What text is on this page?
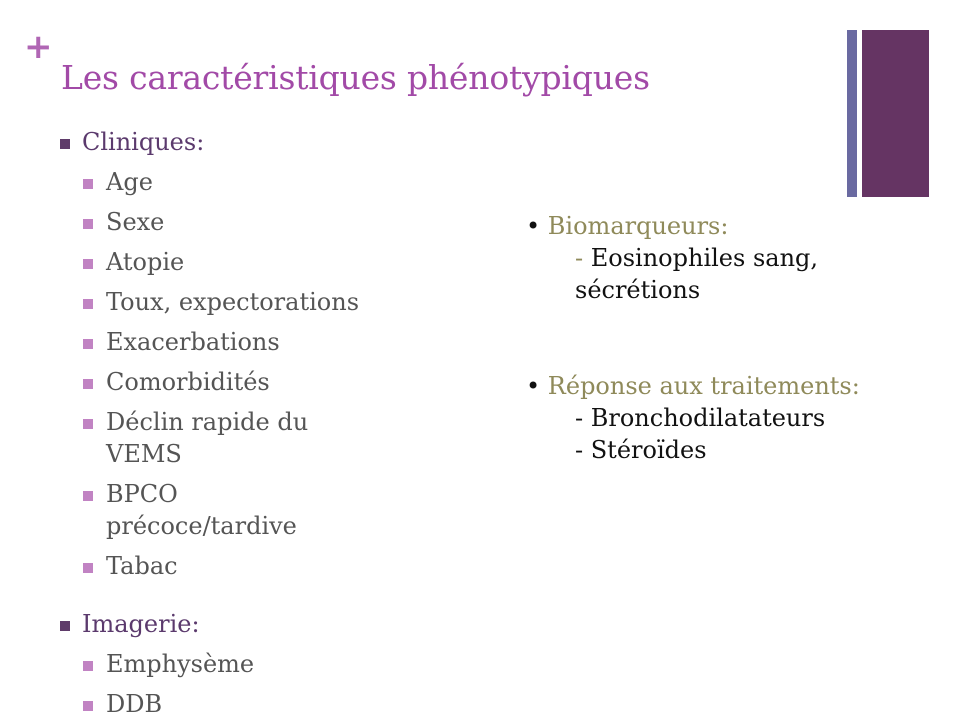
+
Les caractéristiques phénotypiques
Cliniques:
Age
Sexe
Atopie
Toux, expectorations
Exacerbations
Comorbidités
Déclin rapide du
VEMS
BPCO
précoce/tardive
Tabac
Imagerie:
Emphysème
DDB
• Biomarqueurs:
- Eosinophiles sang,
sécrétions
• Réponse aux traitements:
- Bronchodilatateurs
- Stéroïdes
